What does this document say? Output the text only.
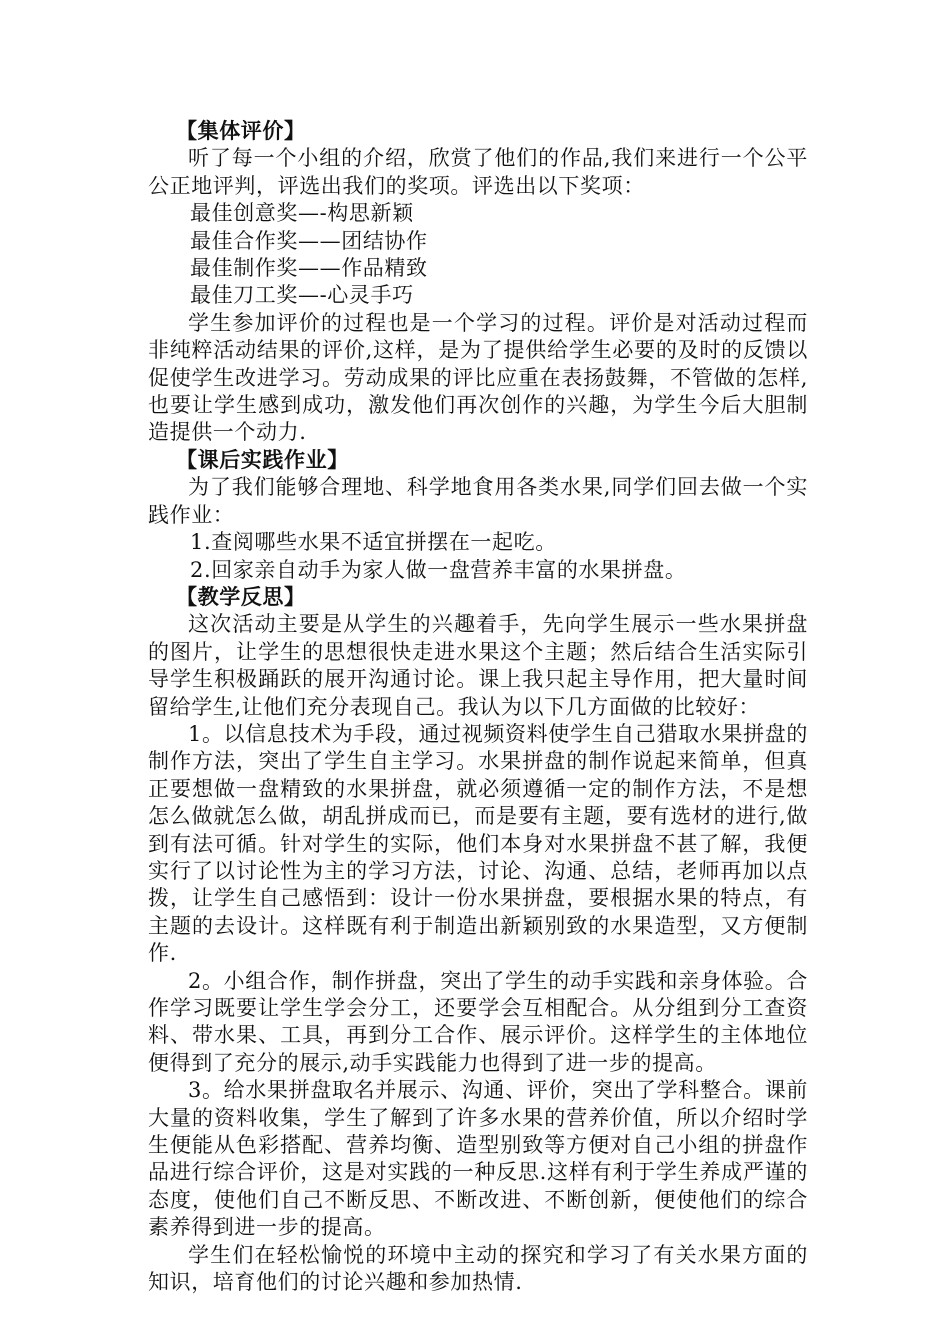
【集体评价】
听了每一个小组的介绍，欣赏了他们的作品,我们来进行一个公平公正地评判，评选出我们的奖项。评选出以下奖项：
最佳创意奖—-构思新颖
最佳合作奖——团结协作
最佳制作奖——作品精致
最佳刀工奖—-心灵手巧
学生参加评价的过程也是一个学习的过程。评价是对活动过程而非纯粹活动结果的评价,这样，是为了提供给学生必要的及时的反馈以促使学生改进学习。劳动成果的评比应重在表扬鼓舞，不管做的怎样,也要让学生感到成功，激发他们再次创作的兴趣，为学生今后大胆制造提供一个动力.
【课后实践作业】
为了我们能够合理地、科学地食用各类水果,同学们回去做一个实践作业：
1.查阅哪些水果不适宜拼摆在一起吃。
2.回家亲自动手为家人做一盘营养丰富的水果拼盘。
【教学反思】
这次活动主要是从学生的兴趣着手，先向学生展示一些水果拼盘的图片，让学生的思想很快走进水果这个主题；然后结合生活实际引导学生积极踊跃的展开沟通讨论。课上我只起主导作用，把大量时间留给学生,让他们充分表现自己。我认为以下几方面做的比较好：
1。以信息技术为手段，通过视频资料使学生自己猎取水果拼盘的制作方法，突出了学生自主学习。水果拼盘的制作说起来简单，但真正要想做一盘精致的水果拼盘，就必须遵循一定的制作方法，不是想怎么做就怎么做，胡乱拼成而已，而是要有主题，要有选材的进行,做到有法可循。针对学生的实际，他们本身对水果拼盘不甚了解，我便实行了以讨论性为主的学习方法，讨论、沟通、总结，老师再加以点拨，让学生自己感悟到：设计一份水果拼盘，要根据水果的特点，有主题的去设计。这样既有利于制造出新颖别致的水果造型，又方便制作.
2。小组合作，制作拼盘，突出了学生的动手实践和亲身体验。合作学习既要让学生学会分工，还要学会互相配合。从分组到分工查资料、带水果、工具，再到分工合作、展示评价。这样学生的主体地位便得到了充分的展示,动手实践能力也得到了进一步的提高。
3。给水果拼盘取名并展示、沟通、评价，突出了学科整合。课前大量的资料收集，学生了解到了许多水果的营养价值，所以介绍时学生便能从色彩搭配、营养均衡、造型别致等方便对自己小组的拼盘作品进行综合评价，这是对实践的一种反思.这样有利于学生养成严谨的态度，使他们自己不断反思、不断改进、不断创新，便使他们的综合素养得到进一步的提高。
学生们在轻松愉悦的环境中主动的探究和学习了有关水果方面的知识，培育他们的讨论兴趣和参加热情.
